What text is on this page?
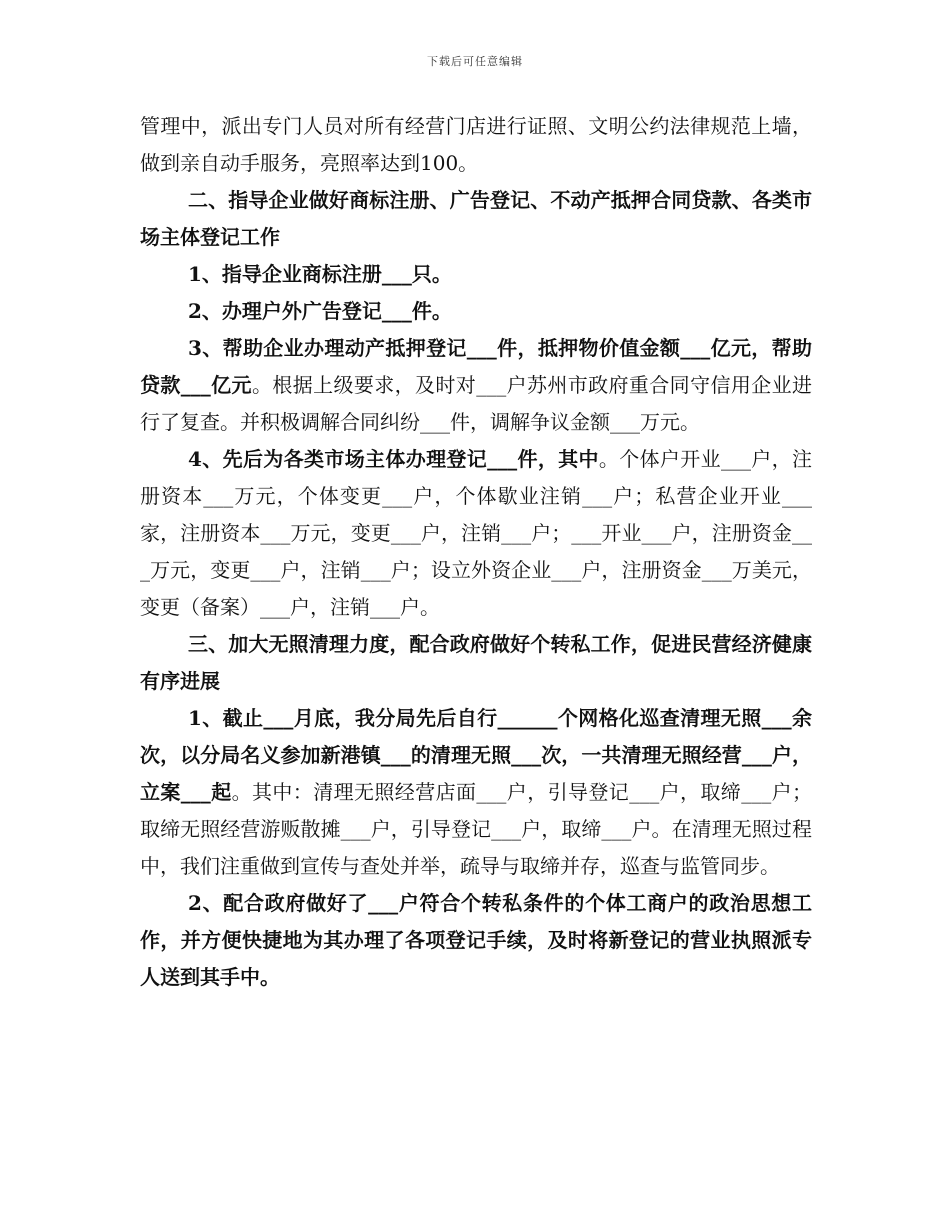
下载后可任意编辑

管理中，派出专门人员对所有经营门店进行证照、文明公约法律规范上墙，做到亲自动手服务，亮照率达到100。

二、指导企业做好商标注册、广告登记、不动产抵押合同贷款、各类市场主体登记工作

1、指导企业商标注册___只。

2、办理户外广告登记___件。

3、帮助企业办理动产抵押登记___件，抵押物价值金额___亿元，帮助贷款___亿元。根据上级要求，及时对___户苏州市政府重合同守信用企业进行了复查。并积极调解合同纠纷___件，调解争议金额___万元。

4、先后为各类市场主体办理登记___件，其中。个体户开业___户，注册资本___万元，个体变更___户，个体歇业注销___户；私营企业开业___家，注册资本___万元，变更___户，注销___户；___开业___户，注册资金___万元，变更___户，注销___户；设立外资企业___户，注册资金___万美元，变更（备案）___户，注销___户。

三、加大无照清理力度，配合政府做好个转私工作，促进民营经济健康有序进展

1、截止___月底，我分局先后自行______个网格化巡查清理无照___余次，以分局名义参加新港镇___的清理无照___次，一共清理无照经营___户，立案___起。其中：清理无照经营店面___户，引导登记___户，取缔___户；取缔无照经营游贩散摊___户，引导登记___户，取缔___户。在清理无照过程中，我们注重做到宣传与查处并举，疏导与取缔并存，巡查与监管同步。

2、配合政府做好了___户符合个转私条件的个体工商户的政治思想工作，并方便快捷地为其办理了各项登记手续，及时将新登记的营业执照派专人送到其手中。
